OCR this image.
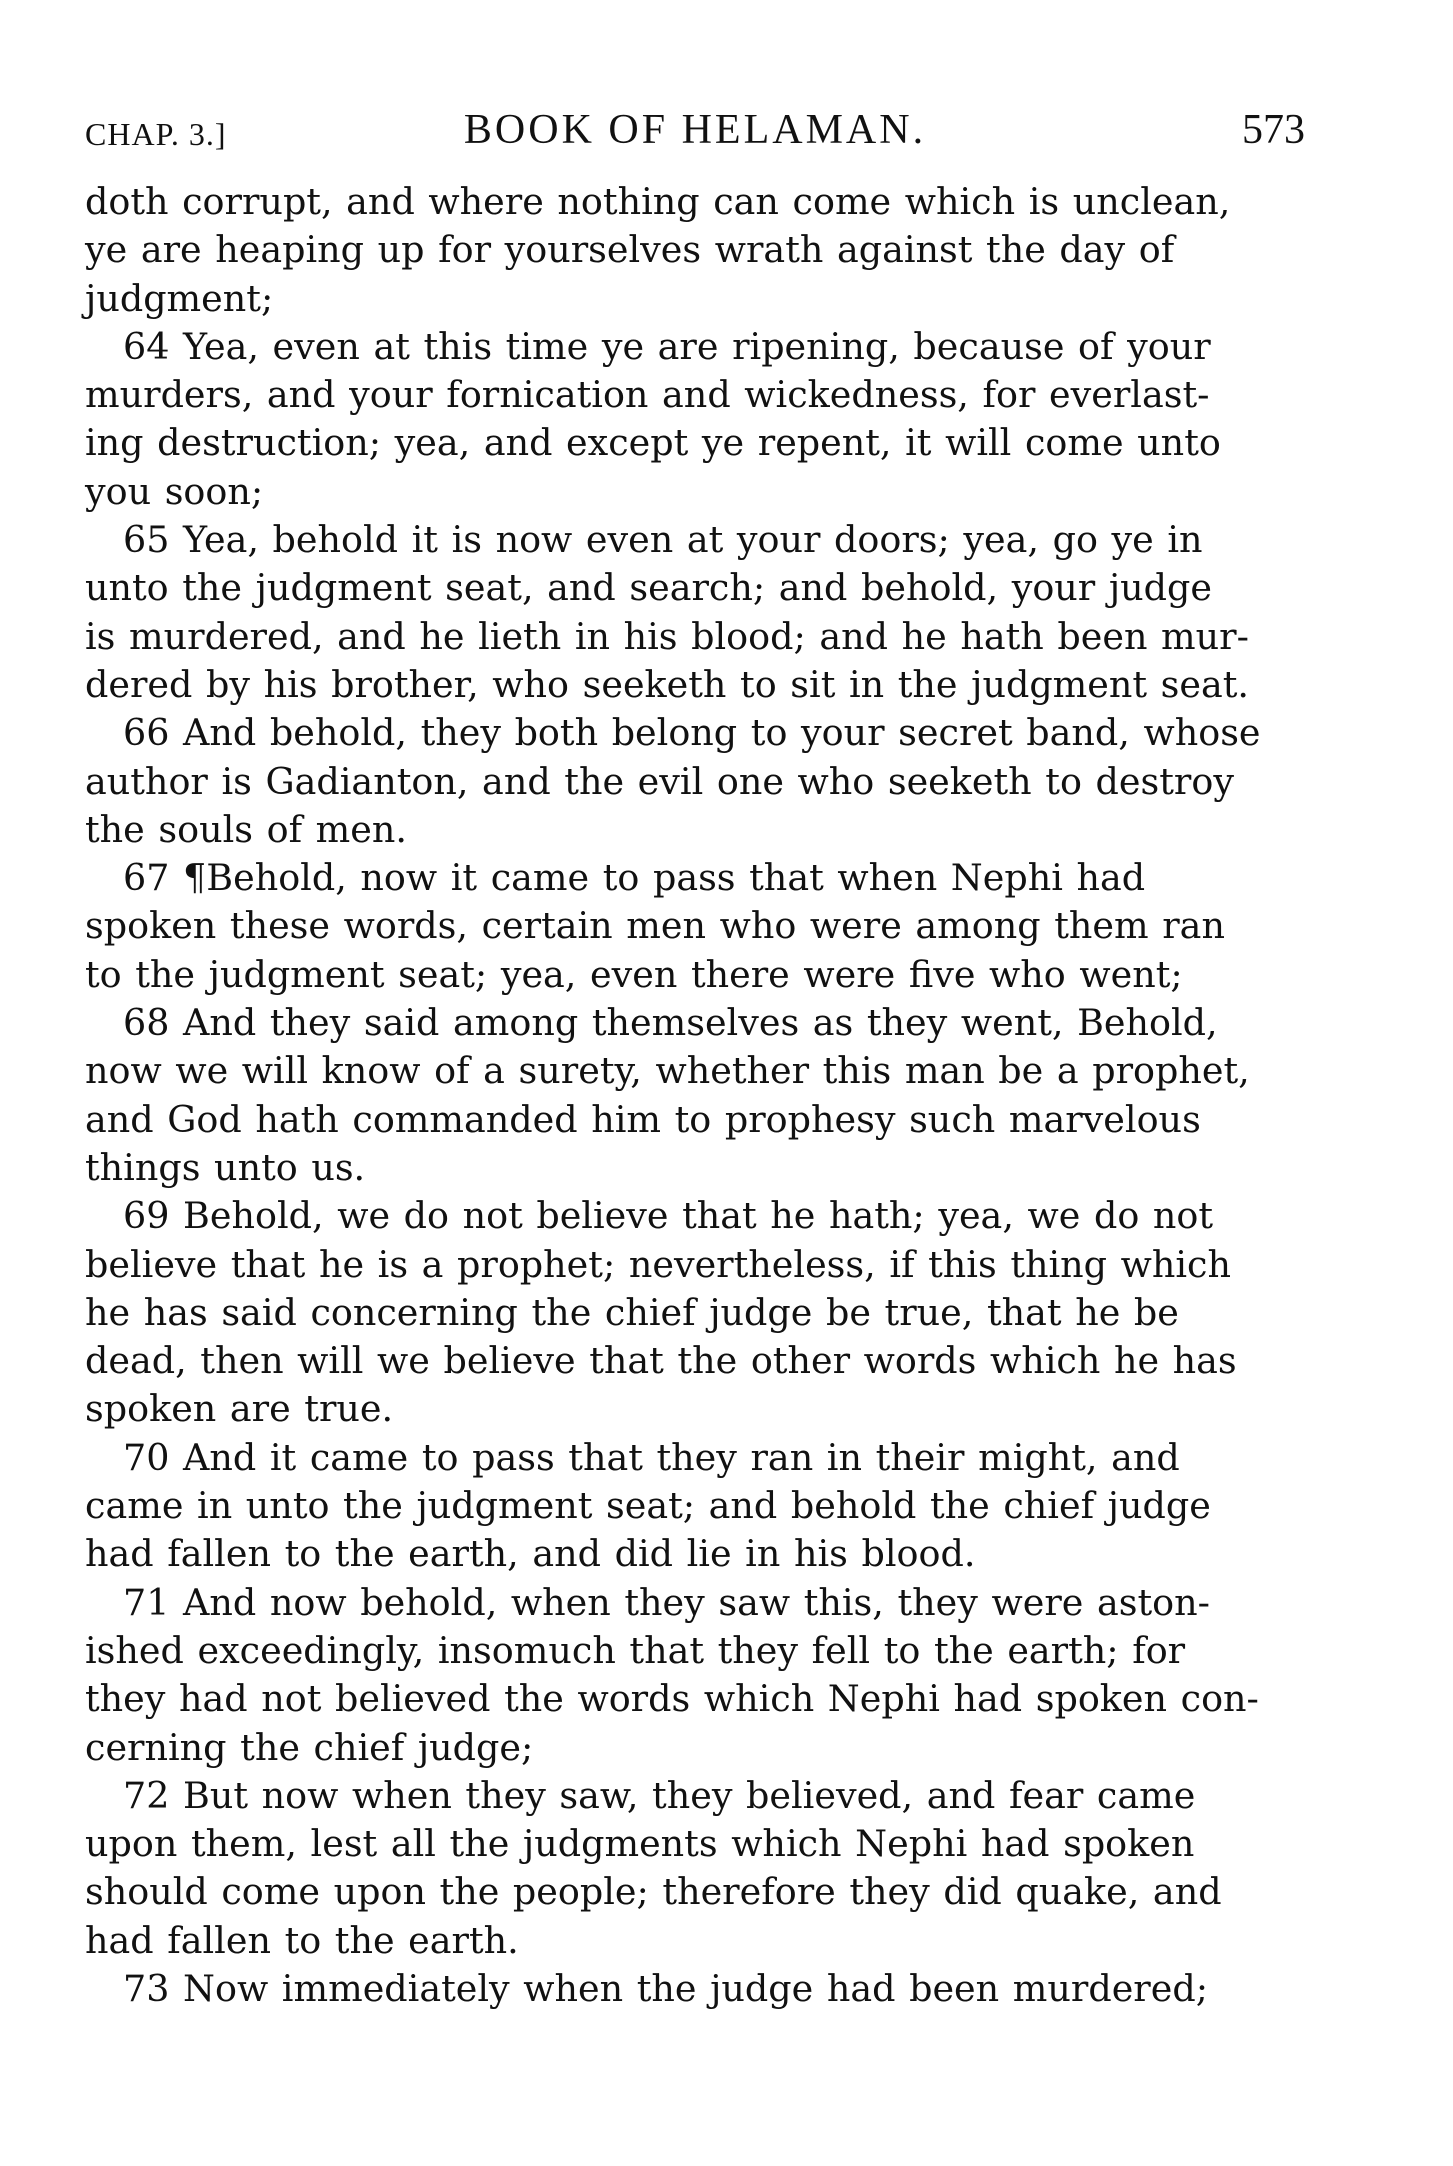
CHAP. 3.]	BOOK OF HELAMAN.	573
doth corrupt, and where nothing can come which is unclean,
ye are heaping up for yourselves wrath against the day of
judgment;
64 Yea, even at this time ye are ripening, because of your
murders, and your fornication and wickedness, for everlast-
ing destruction; yea, and except ye repent, it will come unto
you soon;
65 Yea, behold it is now even at your doors; yea, go ye in
unto the judgment seat, and search; and behold, your judge
is murdered, and he lieth in his blood; and he hath been mur-
dered by his brother, who seeketh to sit in the judgment seat.
66 And behold, they both belong to your secret band, whose
author is Gadianton, and the evil one who seeketh to destroy
the souls of men.
67 ¶Behold, now it came to pass that when Nephi had
spoken these words, certain men who were among them ran
to the judgment seat; yea, even there were five who went;
68 And they said among themselves as they went, Behold,
now we will know of a surety, whether this man be a prophet,
and God hath commanded him to prophesy such marvelous
things unto us.
69 Behold, we do not believe that he hath; yea, we do not
believe that he is a prophet; nevertheless, if this thing which
he has said concerning the chief judge be true, that he be
dead, then will we believe that the other words which he has
spoken are true.
70 And it came to pass that they ran in their might, and
came in unto the judgment seat; and behold the chief judge
had fallen to the earth, and did lie in his blood.
71 And now behold, when they saw this, they were aston-
ished exceedingly, insomuch that they fell to the earth; for
they had not believed the words which Nephi had spoken con-
cerning the chief judge;
72 But now when they saw, they believed, and fear came
upon them, lest all the judgments which Nephi had spoken
should come upon the people; therefore they did quake, and
had fallen to the earth.
73 Now immediately when the judge had been murdered;
